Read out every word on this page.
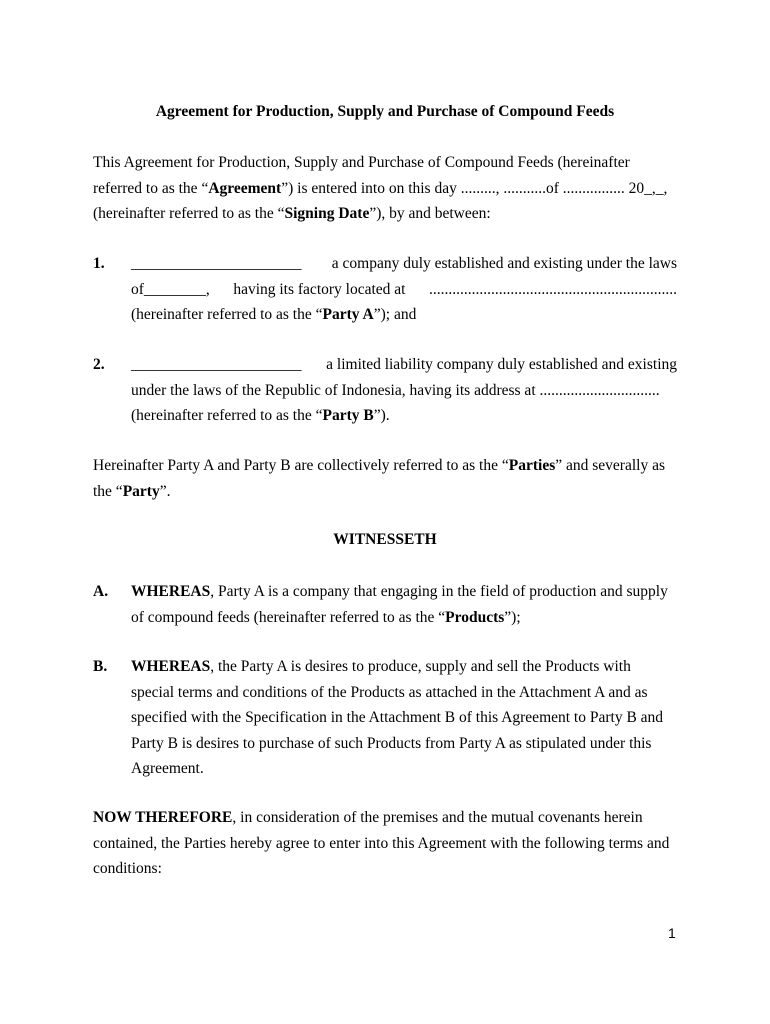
Agreement for Production, Supply and Purchase of Compound Feeds
This Agreement for Production, Supply and Purchase of Compound Feeds (hereinafter
referred to as the “Agreement”) is entered into on this day ........., ...........of ................ 20_,_,
(hereinafter referred to as the “Signing Date”), by and between:
1. ______________________ a company duly established and existing under the laws
of________, having its factory located at ................................................................
(hereinafter referred to as the “Party A”); and
2. ______________________ a limited liability company duly established and existing
under the laws of the Republic of Indonesia, having its address at ...............................
(hereinafter referred to as the “Party B”).
Hereinafter Party A and Party B are collectively referred to as the “Parties” and severally as
the “Party”.
WITNESSETH
A. WHEREAS, Party A is a company that engaging in the field of production and supply
of compound feeds (hereinafter referred to as the “Products”);
B. WHEREAS, the Party A is desires to produce, supply and sell the Products with
special terms and conditions of the Products as attached in the Attachment A and as
specified with the Specification in the Attachment B of this Agreement to Party B and
Party B is desires to purchase of such Products from Party A as stipulated under this
Agreement.
NOW THEREFORE, in consideration of the premises and the mutual covenants herein
contained, the Parties hereby agree to enter into this Agreement with the following terms and
conditions:
1
